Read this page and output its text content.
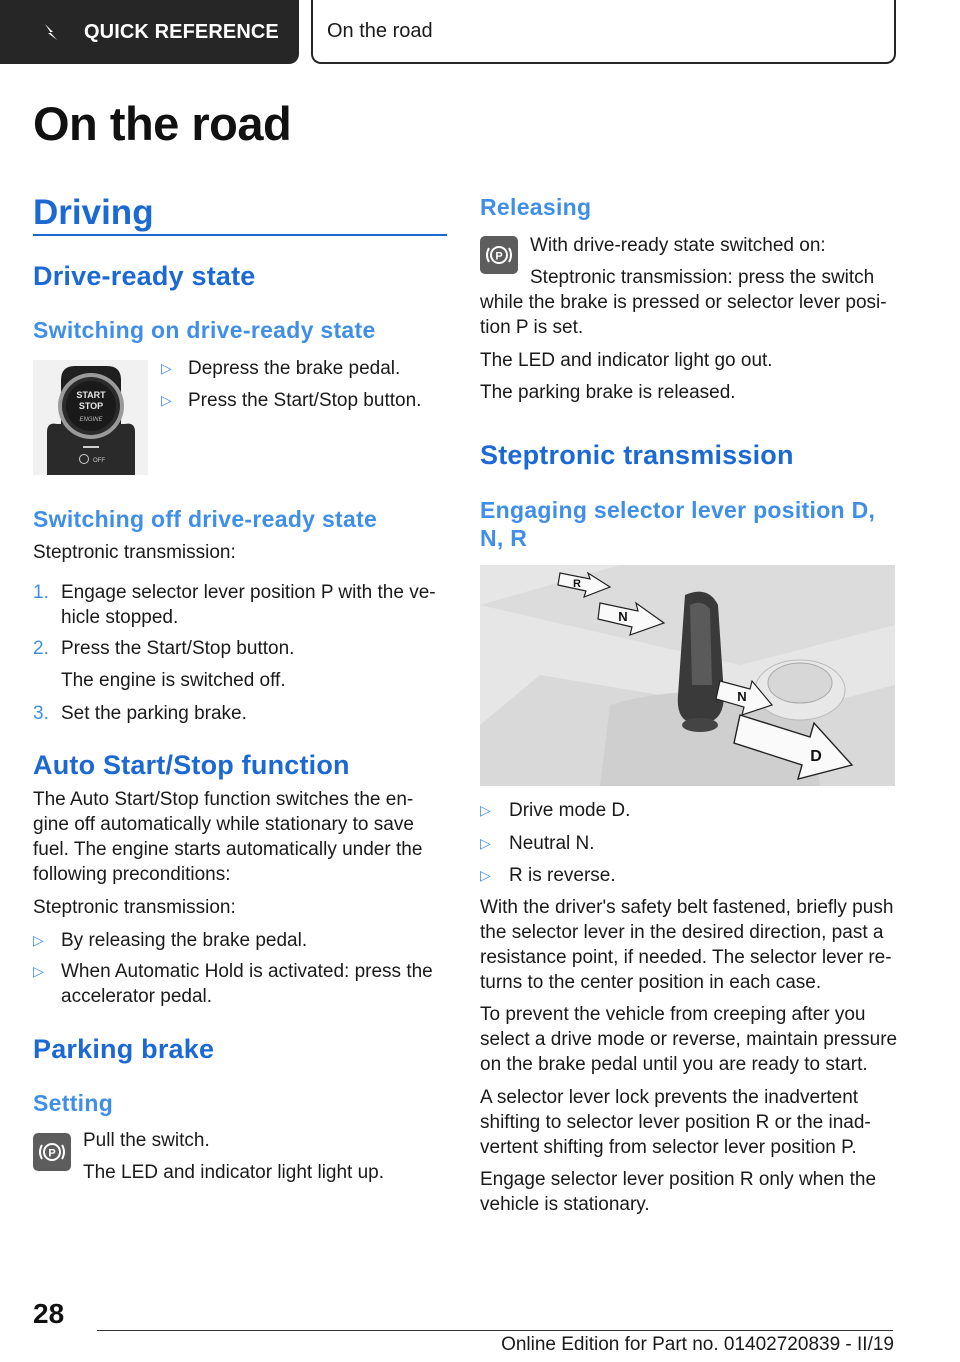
QUICK REFERENCE On the road
On the road
Driving
Drive-ready state
Switching on drive-ready state
START
STOP
ENGINE
OFF
▷ Depress the brake pedal.
▷ Press the Start/Stop button.
Switching off drive-ready state
Steptronic transmission:
1. Engage selector lever position P with the ve‐
hicle stopped.
2. Press the Start/Stop button.
The engine is switched off.
3. Set the parking brake.
Auto Start/Stop function
The Auto Start/Stop function switches the en‐
gine off automatically while stationary to save
fuel. The engine starts automatically under the
following preconditions:
Steptronic transmission:
▷ By releasing the brake pedal.
▷ When Automatic Hold is activated: press the
accelerator pedal.
Parking brake
Setting
P
Pull the switch.
The LED and indicator light light up.
Releasing
P
With drive-ready state switched on:
Steptronic transmission: press the switch
while the brake is pressed or selector lever posi‐
tion P is set.
The LED and indicator light go out.
The parking brake is released.
Steptronic transmission
Engaging selector lever position D,
N, R
R
N
N
D
▷ Drive mode D.
▷ Neutral N.
▷ R is reverse.
With the driver's safety belt fastened, briefly push
the selector lever in the desired direction, past a
resistance point, if needed. The selector lever re‐
turns to the center position in each case.
To prevent the vehicle from creeping after you
select a drive mode or reverse, maintain pressure
on the brake pedal until you are ready to start.
A selector lever lock prevents the inadvertent
shifting to selector lever position R or the inad‐
vertent shifting from selector lever position P.
Engage selector lever position R only when the
vehicle is stationary.
28
Online Edition for Part no. 01402720839 - II/19
